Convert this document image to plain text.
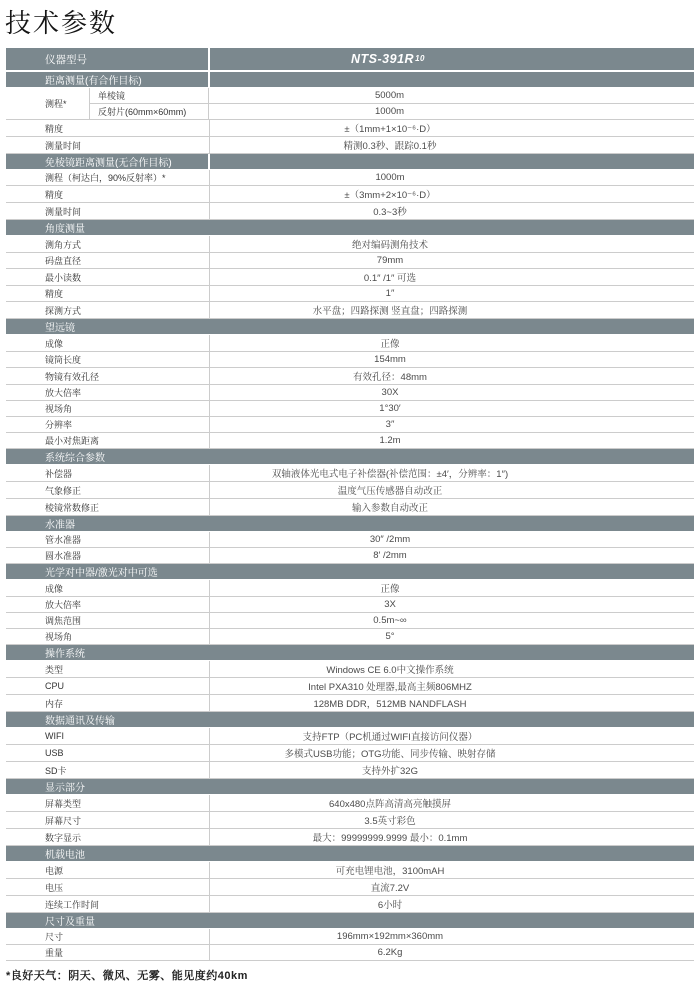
技术参数
仪器型号	NTS-391R 10
距离测量(有合作目标)
测程*
单棱镜	5000m
反射片(60mm×60mm)	1000m
精度	±（1mm+1×10⁻⁶·D）
测量时间	精测0.3秒、跟踪0.1秒
免棱镜距离测量(无合作目标)
测程（柯达白，90%反射率）*	1000m
精度	±（3mm+2×10⁻⁶·D）
测量时间	0.3~3秒
角度测量
测角方式	绝对编码测角技术
码盘直径	79mm
最小读数	0.1″ /1″ 可选
精度	1″
探测方式	水平盘；四路探测 竖直盘；四路探测
望远镜
成像	正像
镜筒长度	154mm
物镜有效孔径	有效孔径：48mm
放大倍率	30X
视场角	1°30′
分辨率	3″
最小对焦距离	1.2m
系统综合参数
补偿器	双轴液体光电式电子补偿器(补偿范围：±4′，分辨率：1″)
气象修正	温度气压传感器自动改正
棱镜常数修正	输入参数自动改正
水准器
管水准器	30″ /2mm
圆水准器	8′ /2mm
光学对中器/激光对中可选
成像	正像
放大倍率	3X
调焦范围	0.5m~∞
视场角	5°
操作系统
类型	Windows CE 6.0中文操作系统
CPU	Intel PXA310 处理器,最高主频806MHZ
内存	128MB DDR，512MB NANDFLASH
数据通讯及传输
WIFI	支持FTP（PC机通过WIFI直接访问仪器）
USB	多模式USB功能；OTG功能、同步传输、映射存储
SD卡	支持外扩32G
显示部分
屏幕类型	640x480点阵高清高亮触摸屏
屏幕尺寸	3.5英寸彩色
数字显示	最大：99999999.9999 最小：0.1mm
机载电池
电源	可充电锂电池，3100mAH
电压	直流7.2V
连续工作时间	6小时
尺寸及重量
尺寸	196mm×192mm×360mm
重量	6.2Kg

*良好天气：阴天、微风、无雾、能见度约40km
